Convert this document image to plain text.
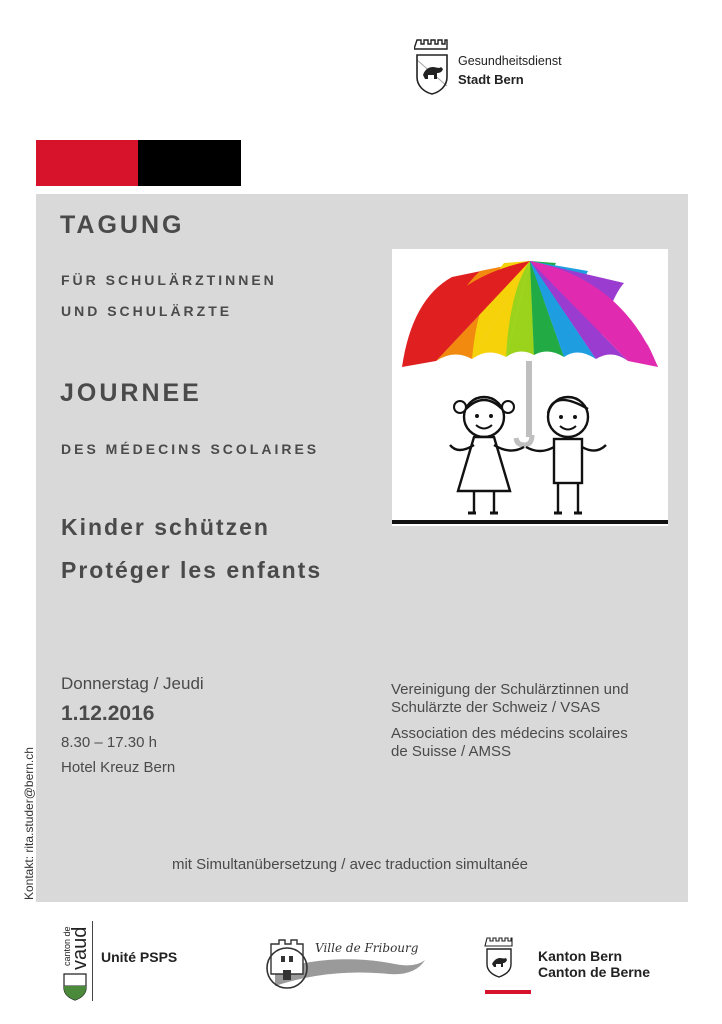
Gesundheitsdienst
Stadt Bern
TAGUNG
FÜR SCHULÄRZTINNEN
UND SCHULÄRZTE
JOURNEE
DES MÉDECINS SCOLAIRES
Kinder schützen
Protéger les enfants
Donnerstag / Jeudi
1.12.2016
8.30 – 17.30 h
Hotel Kreuz Bern
Vereinigung der Schulärztinnen und
Schulärzte der Schweiz / VSAS
Association des médecins scolaires
de Suisse / AMSS
mit Simultanübersetzung / avec traduction simultanée
Kontakt: rita.studer@bern.ch
canton de
vaud Unité PSPS
Ville de Fribourg	Kanton Bern
Canton de Berne
